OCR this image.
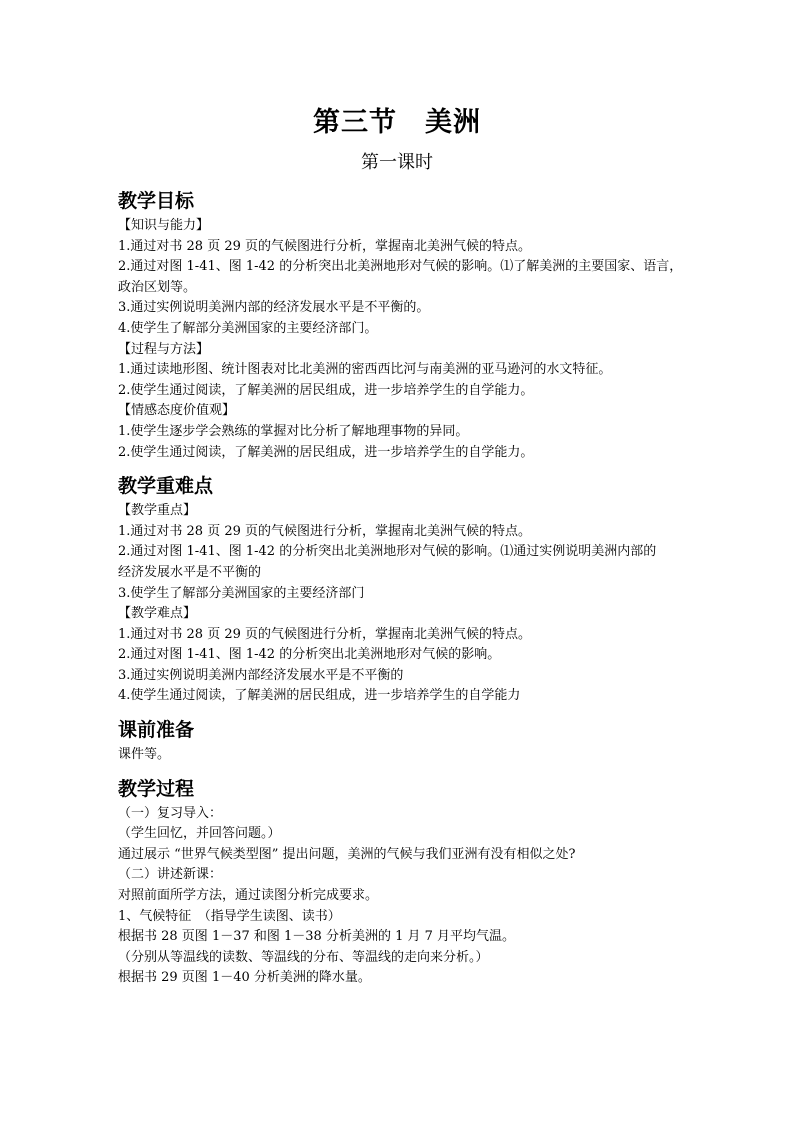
第三节　美洲
第一课时
教学目标
【知识与能力】
1.通过对书 28 页 29 页的气候图进行分析，掌握南北美洲气候的特点。
2.通过对图 1-41、图 1-42 的分析突出北美洲地形对气候的影响。⑴了解美洲的主要国家、语言，政治区划等。
3.通过实例说明美洲内部的经济发展水平是不平衡的。
4.使学生了解部分美洲国家的主要经济部门。
【过程与方法】
1.通过读地形图、统计图表对比北美洲的密西西比河与南美洲的亚马逊河的水文特征。
2.使学生通过阅读，了解美洲的居民组成，进一步培养学生的自学能力。
【情感态度价值观】
1.使学生逐步学会熟练的掌握对比分析了解地理事物的异同。
2.使学生通过阅读，了解美洲的居民组成，进一步培养学生的自学能力。
教学重难点
【教学重点】
1.通过对书 28 页 29 页的气候图进行分析，掌握南北美洲气候的特点。
2.通过对图 1-41、图 1-42 的分析突出北美洲地形对气候的影响。⑴通过实例说明美洲内部的
经济发展水平是不平衡的
3.使学生了解部分美洲国家的主要经济部门
【教学难点】
1.通过对书 28 页 29 页的气候图进行分析，掌握南北美洲气候的特点。
2.通过对图 1-41、图 1-42 的分析突出北美洲地形对气候的影响。
3.通过实例说明美洲内部经济发展水平是不平衡的
4.使学生通过阅读，了解美洲的居民组成，进一步培养学生的自学能力
课前准备
课件等。
教学过程
（一）复习导入：
（学生回忆，并回答问题。）
通过展示 “世界气候类型图” 提出问题，美洲的气候与我们亚洲有没有相似之处?
（二）讲述新课：
对照前面所学方法，通过读图分析完成要求。
1、气候特征　（指导学生读图、读书）
根据书 28 页图 1－37 和图 1－38 分析美洲的 1 月 7 月平均气温。
（分别从等温线的读数、等温线的分布、等温线的走向来分析。）
根据书 29 页图 1－40 分析美洲的降水量。
